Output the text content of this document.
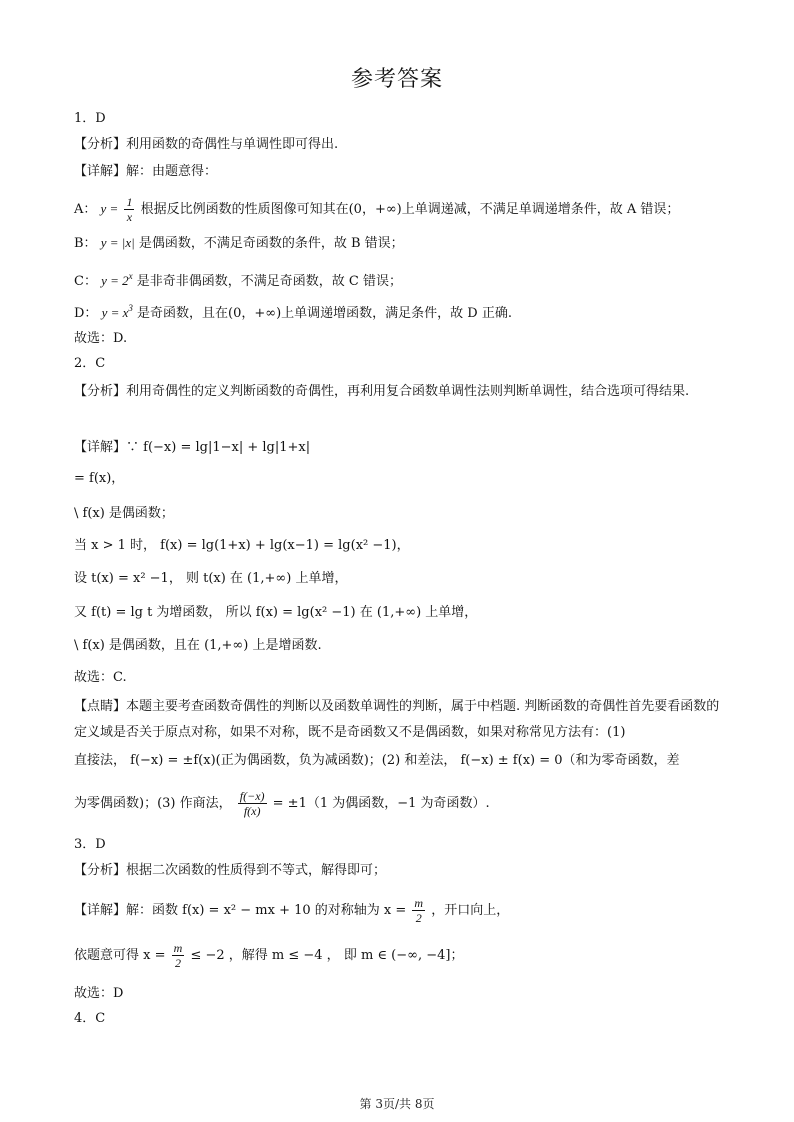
参考答案
1．D
【分析】利用函数的奇偶性与单调性即可得出.
【详解】解：由题意得：
A： $y = \frac{1}{x}$ 根据反比例函数的性质图像可知其在(0，+∞)上单调递减，不满足单调递增条件，故 A 错误；
B： y = |x| 是偶函数，不满足奇函数的条件，故 B 错误；
C： $y = 2^x$ 是非奇非偶函数，不满足奇函数，故 C 错误；
D： $y = x^3$ 是奇函数，且在(0，+∞)上单调递增函数，满足条件，故 D 正确.
故选：D.
2．C
【分析】利用奇偶性的定义判断函数的奇偶性，再利用复合函数单调性法则判断单调性，结合选项可得结果.
【详解】∵ f(−x) = lg|1−x| + lg|1+x|
= f(x)，
\ f(x) 是偶函数；
当 x > 1 时， f(x) = lg(1+x) + lg(x−1) = lg(x² −1)，
设 t(x) = x² −1， 则 t(x) 在 (1,+∞) 上单增，
又 f(t) = lg t 为增函数， 所以 f(x) = lg(x² −1) 在 (1,+∞) 上单增，
\ f(x) 是偶函数，且在 (1,+∞) 上是增函数.
故选：C.
【点睛】本题主要考查函数奇偶性的判断以及函数单调性的判断，属于中档题. 判断函数的奇偶性首先要看函数的定义域是否关于原点对称，如果不对称，既不是奇函数又不是偶函数，如果对称常见方法有：(1)
直接法， f(−x) = ±f(x)(正为偶函数，负为减函数)；(2) 和差法， f(−x) ± f(x) = 0（和为零奇函数，差
为零偶函数)；(3) 作商法， $\frac{f(-x)}{f(x)} = \pm 1(1$ 为偶函数，−1 为奇函数）.
3．D
【分析】根据二次函数的性质得到不等式，解得即可；
【详解】解：函数 f(x) = x² − mx + 10 的对称轴为 $x = \frac{m}{2}$ ，开口向上，
依题意可得 $x = \frac{m}{2} \le -2$ ，解得 m ≤ −4 ， 即 m ∈ (−∞, −4]；
故选：D
4．C
第 3页/共 8页
